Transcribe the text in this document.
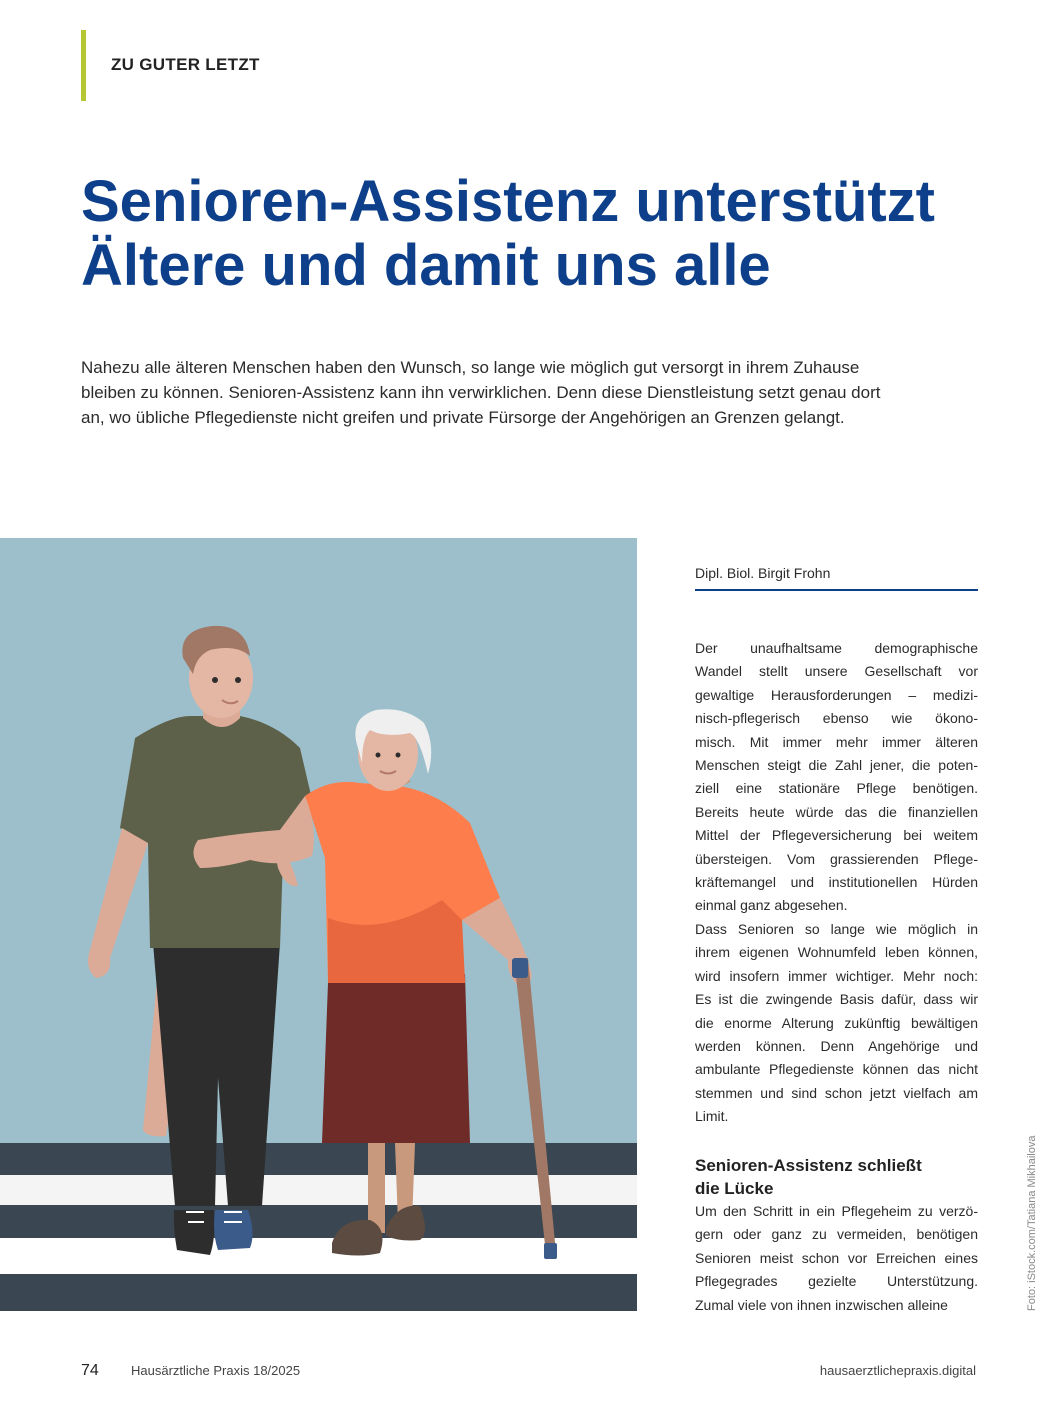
ZU GUTER LETZT

Senioren-Assistenz unterstützt
Ältere und damit uns alle

Nahezu alle älteren Menschen haben den Wunsch, so lange wie möglich gut versorgt in ihrem Zuhause
bleiben zu können. Senioren-Assistenz kann ihn verwirklichen. Denn diese Dienstleistung setzt genau dort
an, wo übliche Pflegedienste nicht greifen und private Fürsorge der Angehörigen an Grenzen gelangt.

Dipl. Biol. Birgit Frohn

Der unaufhaltsame demographische
Wandel stellt unsere Gesellschaft vor
gewaltige Herausforderungen – medizi-
nisch-pflegerisch ebenso wie ökono-
misch. Mit immer mehr immer älteren
Menschen steigt die Zahl jener, die poten-
ziell eine stationäre Pflege benötigen.
Bereits heute würde das die finanziellen
Mittel der Pflegeversicherung bei weitem
übersteigen. Vom grassierenden Pflege-
kräftemangel und institutionellen Hürden
einmal ganz abgesehen.
Dass Senioren so lange wie möglich in
ihrem eigenen Wohnumfeld leben können,
wird insofern immer wichtiger. Mehr noch:
Es ist die zwingende Basis dafür, dass wir
die enorme Alterung zukünftig bewältigen
werden können. Denn Angehörige und
ambulante Pflegedienste können das nicht
stemmen und sind schon jetzt vielfach am
Limit.

Senioren-Assistenz schließt
die Lücke

Um den Schritt in ein Pflegeheim zu verzö-
gern oder ganz zu vermeiden, benötigen
Senioren meist schon vor Erreichen eines
Pflegegrades gezielte Unterstützung.
Zumal viele von ihnen inzwischen alleine	Foto: iStock.com/Tatiana Mikhailova

74 Hausärztliche Praxis 18/2025	hausaerztlichepraxis.digital
